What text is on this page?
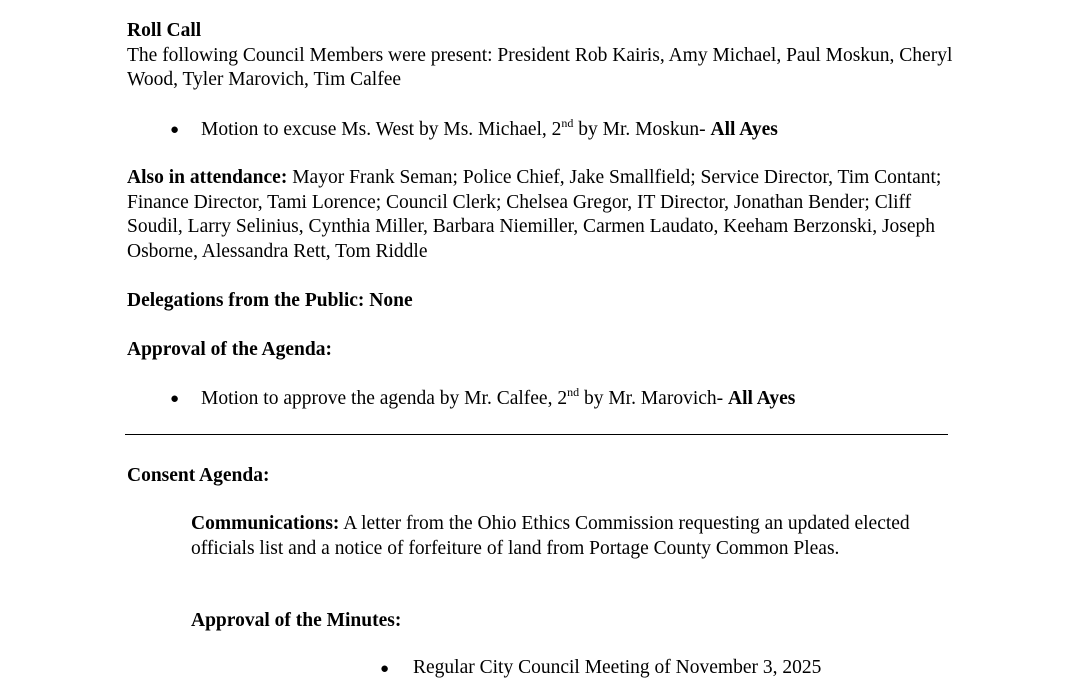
Roll Call
The following Council Members were present: President Rob Kairis, Amy Michael, Paul Moskun, Cheryl Wood, Tyler Marovich, Tim Calfee
● Motion to excuse Ms. West by Ms. Michael, 2nd by Mr. Moskun- All Ayes
Also in attendance: Mayor Frank Seman; Police Chief, Jake Smallfield; Service Director, Tim Contant; Finance Director, Tami Lorence; Council Clerk; Chelsea Gregor, IT Director, Jonathan Bender; Cliff Soudil, Larry Selinius, Cynthia Miller, Barbara Niemiller, Carmen Laudato, Keeham Berzonski, Joseph Osborne, Alessandra Rett, Tom Riddle
Delegations from the Public: None
Approval of the Agenda:
● Motion to approve the agenda by Mr. Calfee, 2nd by Mr. Marovich- All Ayes
Consent Agenda:
Communications: A letter from the Ohio Ethics Commission requesting an updated elected officials list and a notice of forfeiture of land from Portage County Common Pleas.
Approval of the Minutes:
● Regular City Council Meeting of November 3, 2025
